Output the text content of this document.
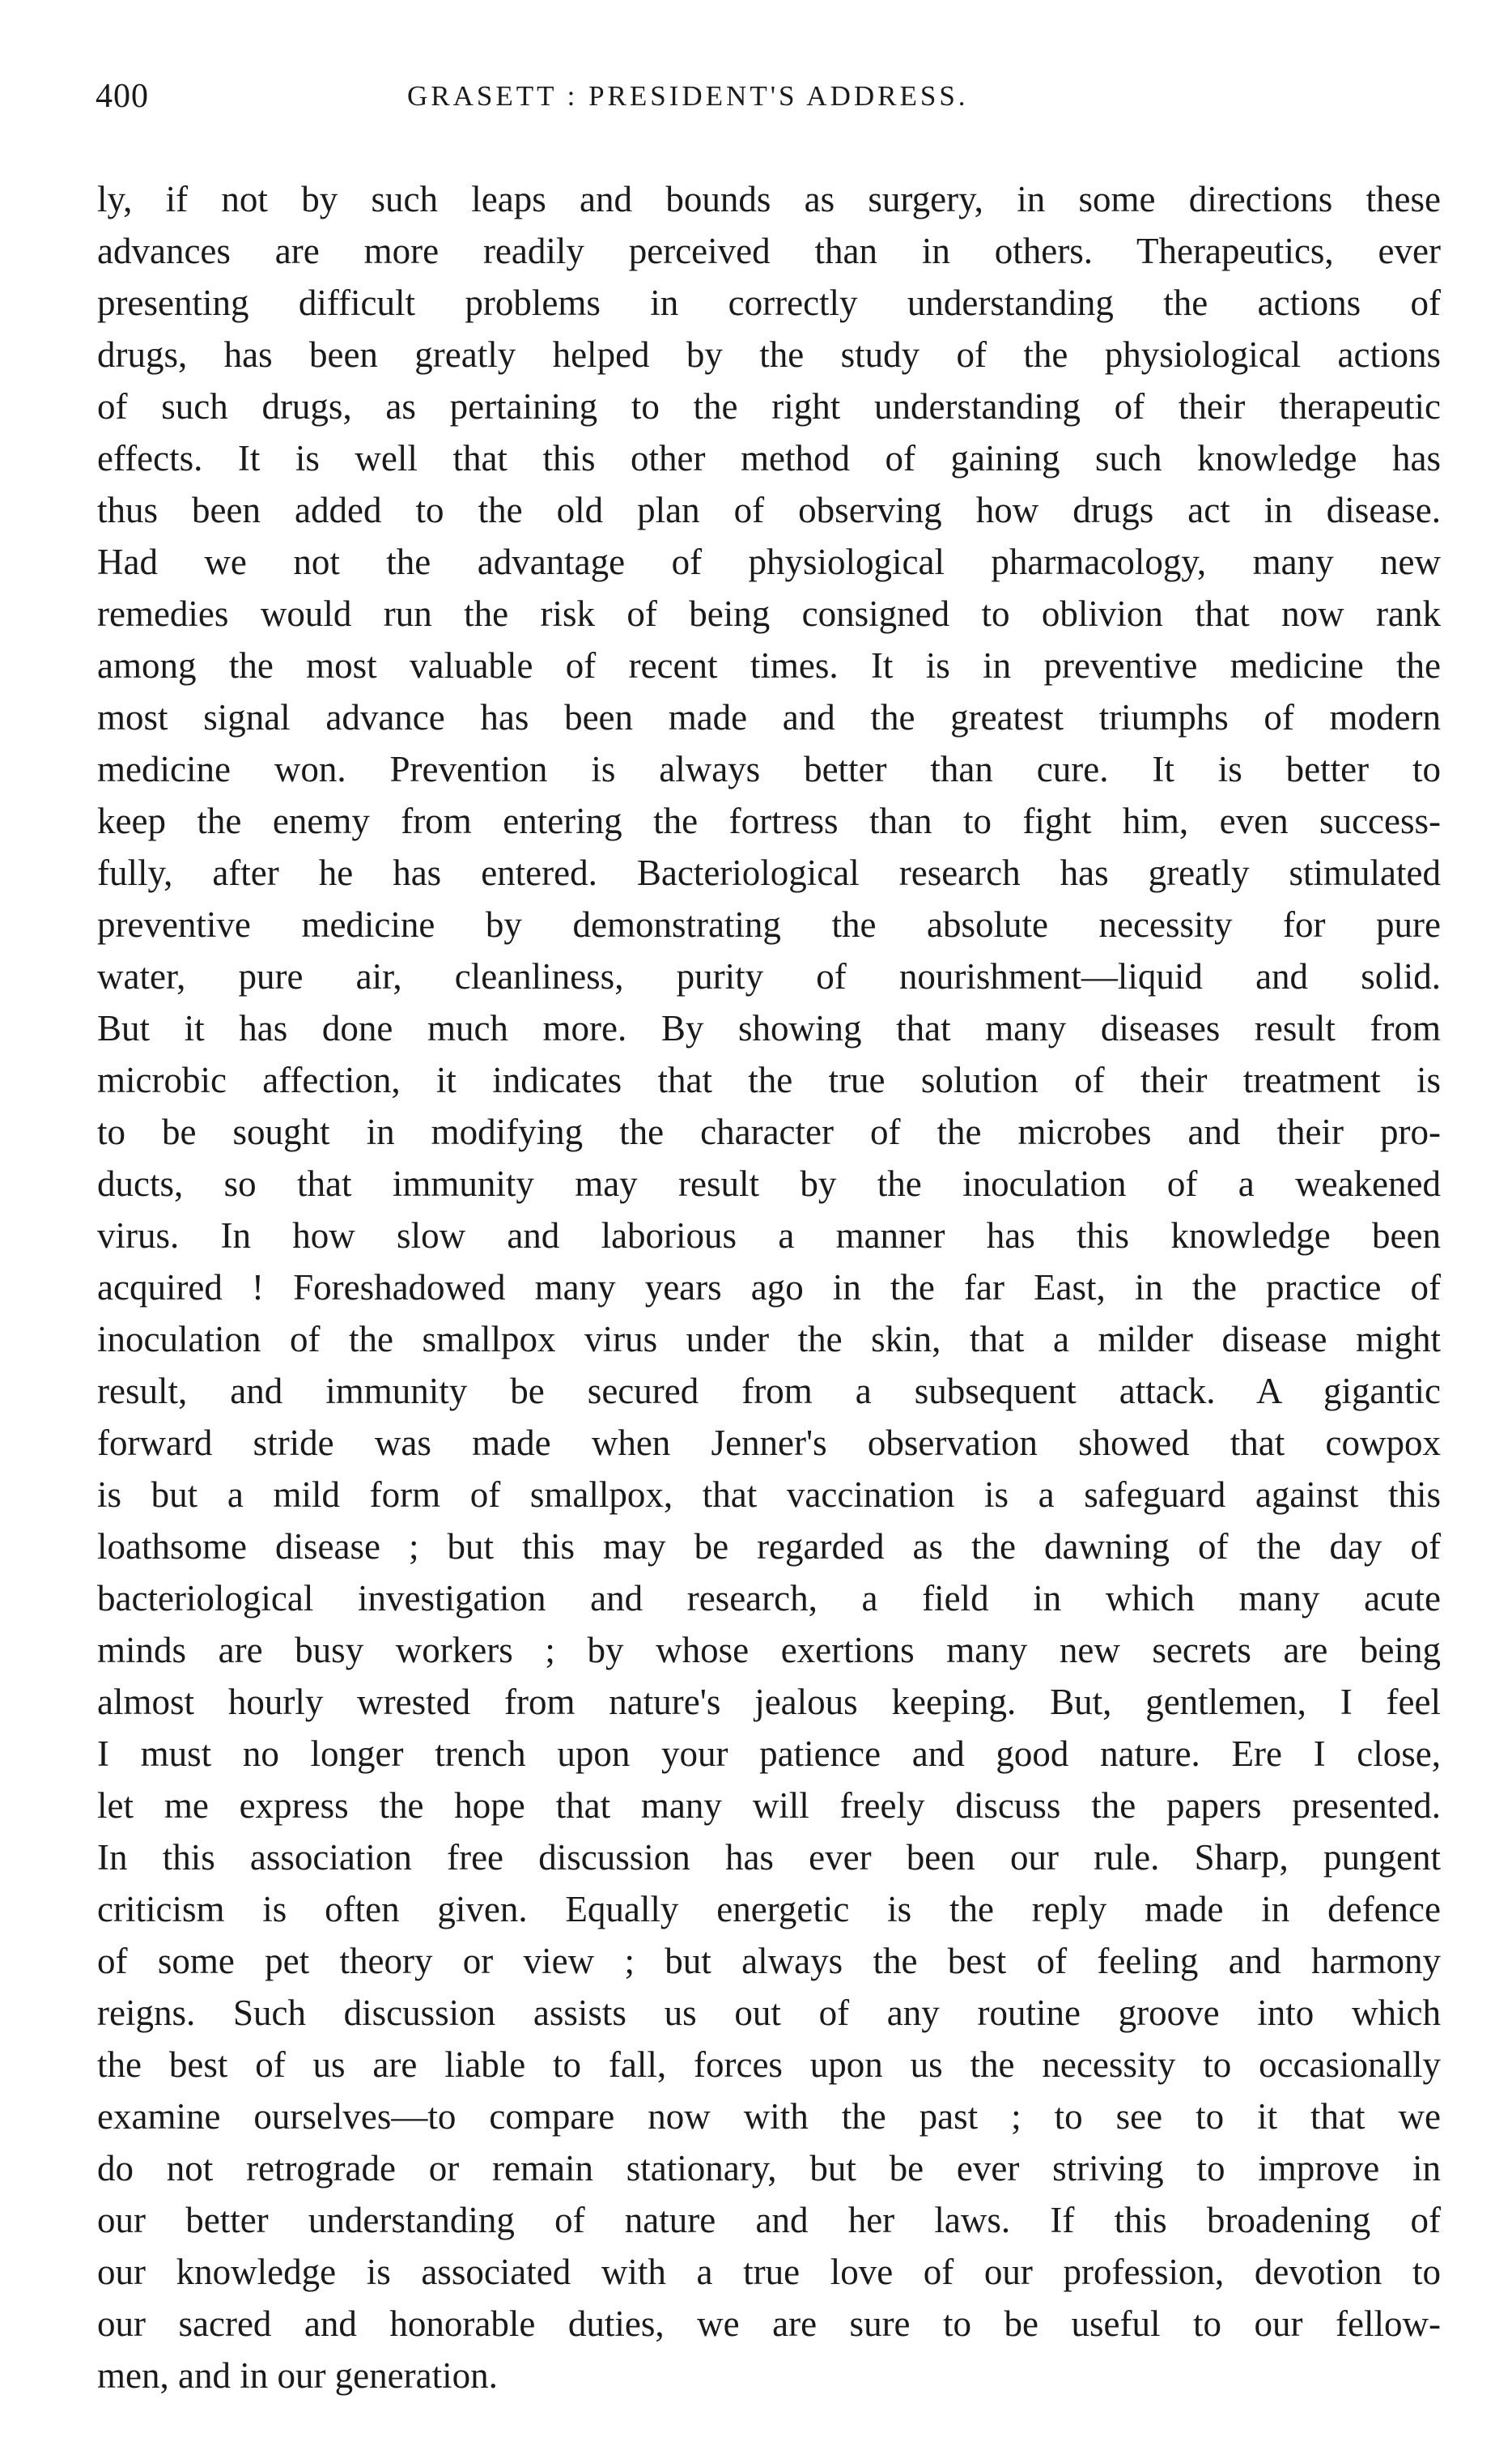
400	GRASETT : PRESIDENT'S ADDRESS.
ly, if not by such leaps and bounds as surgery, in some directions these
advances are more readily perceived than in others. Therapeutics, ever
presenting difficult problems in correctly understanding the actions of
drugs, has been greatly helped by the study of the physiological actions
of such drugs, as pertaining to the right understanding of their therapeutic
effects. It is well that this other method of gaining such knowledge has
thus been added to the old plan of observing how drugs act in disease.
Had we not the advantage of physiological pharmacology, many new
remedies would run the risk of being consigned to oblivion that now rank
among the most valuable of recent times. It is in preventive medicine the
most signal advance has been made and the greatest triumphs of modern
medicine won. Prevention is always better than cure. It is better to
keep the enemy from entering the fortress than to fight him, even success-
fully, after he has entered. Bacteriological research has greatly stimulated
preventive medicine by demonstrating the absolute necessity for pure
water, pure air, cleanliness, purity of nourishment—liquid and solid.
But it has done much more. By showing that many diseases result from
microbic affection, it indicates that the true solution of their treatment is
to be sought in modifying the character of the microbes and their pro-
ducts, so that immunity may result by the inoculation of a weakened
virus. In how slow and laborious a manner has this knowledge been
acquired ! Foreshadowed many years ago in the far East, in the practice of
inoculation of the smallpox virus under the skin, that a milder disease might
result, and immunity be secured from a subsequent attack. A gigantic
forward stride was made when Jenner's observation showed that cowpox
is but a mild form of smallpox, that vaccination is a safeguard against this
loathsome disease ; but this may be regarded as the dawning of the day of
bacteriological investigation and research, a field in which many acute
minds are busy workers ; by whose exertions many new secrets are being
almost hourly wrested from nature's jealous keeping. But, gentlemen, I feel
I must no longer trench upon your patience and good nature. Ere I close,
let me express the hope that many will freely discuss the papers presented.
In this association free discussion has ever been our rule. Sharp, pungent
criticism is often given. Equally energetic is the reply made in defence
of some pet theory or view ; but always the best of feeling and harmony
reigns. Such discussion assists us out of any routine groove into which
the best of us are liable to fall, forces upon us the necessity to occasionally
examine ourselves—to compare now with the past ; to see to it that we
do not retrograde or remain stationary, but be ever striving to improve in
our better understanding of nature and her laws. If this broadening of
our knowledge is associated with a true love of our profession, devotion to
our sacred and honorable duties, we are sure to be useful to our fellow-
men, and in our generation.
